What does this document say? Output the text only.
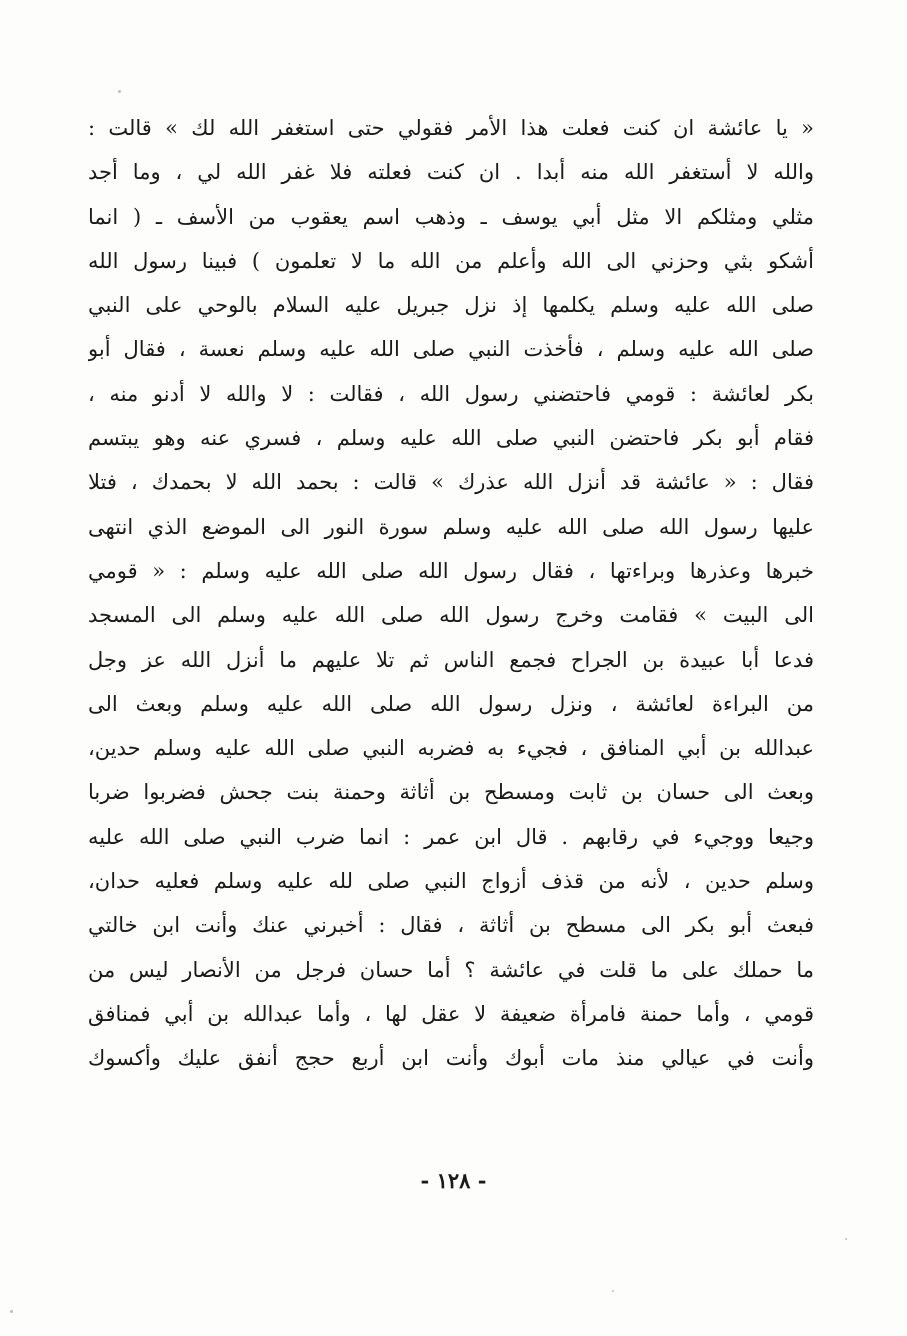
« يا عائشة ان كنت فعلت هذا الأمر فقولي حتى استغفر الله لك » قالت :
والله لا أستغفر الله منه أبدا . ان كنت فعلته فلا غفر الله لي ، وما أجد
مثلي ومثلكم الا مثل أبي يوسف ـ وذهب اسم يعقوب من الأسف ـ ( انما
أشكو بثي وحزني الى الله وأعلم من الله ما لا تعلمون ) فبينا رسول الله
صلى الله عليه وسلم يكلمها إذ نزل جبريل عليه السلام بالوحي على النبي
صلى الله عليه وسلم ، فأخذت النبي صلى الله عليه وسلم نعسة ، فقال أبو
بكر لعائشة : قومي فاحتضني رسول الله ، فقالت : لا والله لا أدنو منه ،
فقام أبو بكر فاحتضن النبي صلى الله عليه وسلم ، فسري عنه وهو يبتسم
فقال : « عائشة قد أنزل الله عذرك » قالت : بحمد الله لا بحمدك ، فتلا
عليها رسول الله صلى الله عليه وسلم سورة النور الى الموضع الذي انتهى
خبرها وعذرها وبراءتها ، فقال رسول الله صلى الله عليه وسلم : « قومي
الى البيت » فقامت وخرج رسول الله صلى الله عليه وسلم الى المسجد
فدعا أبا عبيدة بن الجراح فجمع الناس ثم تلا عليهم ما أنزل الله عز وجل
من البراءة لعائشة ، ونزل رسول الله صلى الله عليه وسلم وبعث الى
عبدالله بن أبي المنافق ، فجيء به فضربه النبي صلى الله عليه وسلم حدين،
وبعث الى حسان بن ثابت ومسطح بن أثاثة وحمنة بنت جحش فضربوا ضربا
وجيعا ووجيء في رقابهم . قال ابن عمر : انما ضرب النبي صلى الله عليه
وسلم حدين ، لأنه من قذف أزواج النبي صلى لله عليه وسلم فعليه حدان،
فبعث أبو بكر الى مسطح بن أثاثة ، فقال : أخبرني عنك وأنت ابن خالتي
ما حملك على ما قلت في عائشة ؟ أما حسان فرجل من الأنصار ليس من
قومي ، وأما حمنة فامرأة ضعيفة لا عقل لها ، وأما عبدالله بن أبي فمنافق
وأنت في عيالي منذ مات أبوك وأنت ابن أربع حجج أنفق عليك وأكسوك
- ١٢٨ -
